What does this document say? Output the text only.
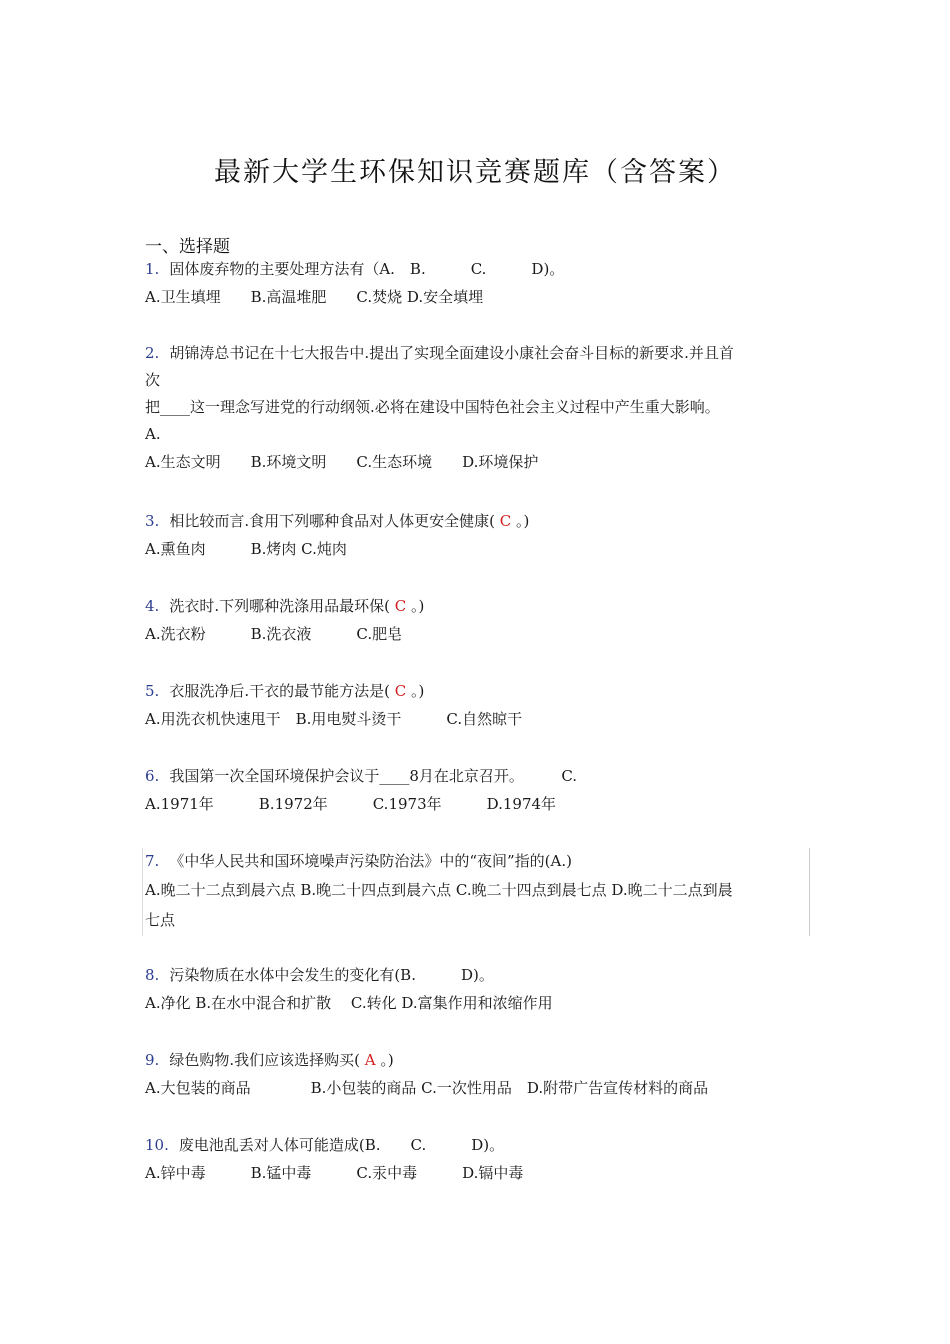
最新大学生环保知识竞赛题库（含答案）
一、选择题
1. 固体废弃物的主要处理方法有（A.　B.　　　C.　　　D)。
A.卫生填埋　　B.高温堆肥　　C.焚烧 D.安全填埋
2. 胡锦涛总书记在十七大报告中.提出了实现全面建设小康社会奋斗目标的新要求.并且首
次
把____这一理念写进党的行动纲领.必将在建设中国特色社会主义过程中产生重大影响。
A.
A.生态文明　　B.环境文明　　C.生态环境　　D.环境保护
3. 相比较而言.食用下列哪种食品对人体更安全健康( C 。)
A.熏鱼肉　　　B.烤肉 C.炖肉
4. 洗衣时.下列哪种洗涤用品最环保( C 。)
A.洗衣粉　　　B.洗衣液　　　C.肥皂
5. 衣服洗净后.干衣的最节能方法是( C 。)
A.用洗衣机快速甩干　B.用电熨斗烫干　　　C.自然晾干
6. 我国第一次全国环境保护会议于____8月在北京召开。　　　C.
A.1971年　　　B.1972年　　　C.1973年　　　D.1974年
7. 《中华人民共和国环境噪声污染防治法》中的“夜间”指的(A.)
A.晚二十二点到晨六点 B.晚二十四点到晨六点 C.晚二十四点到晨七点 D.晚二十二点到晨
七点
8. 污染物质在水体中会发生的变化有(B.　　　D)。
A.净化 B.在水中混合和扩散　 C.转化 D.富集作用和浓缩作用
9. 绿色购物.我们应该选择购买( A 。)
A.大包装的商品　　　　B.小包装的商品 C.一次性用品　D.附带广告宣传材料的商品
10. 废电池乱丢对人体可能造成(B.　　C.　　　D)。
A.锌中毒　　　B.锰中毒　　　C.汞中毒　　　D.镉中毒
